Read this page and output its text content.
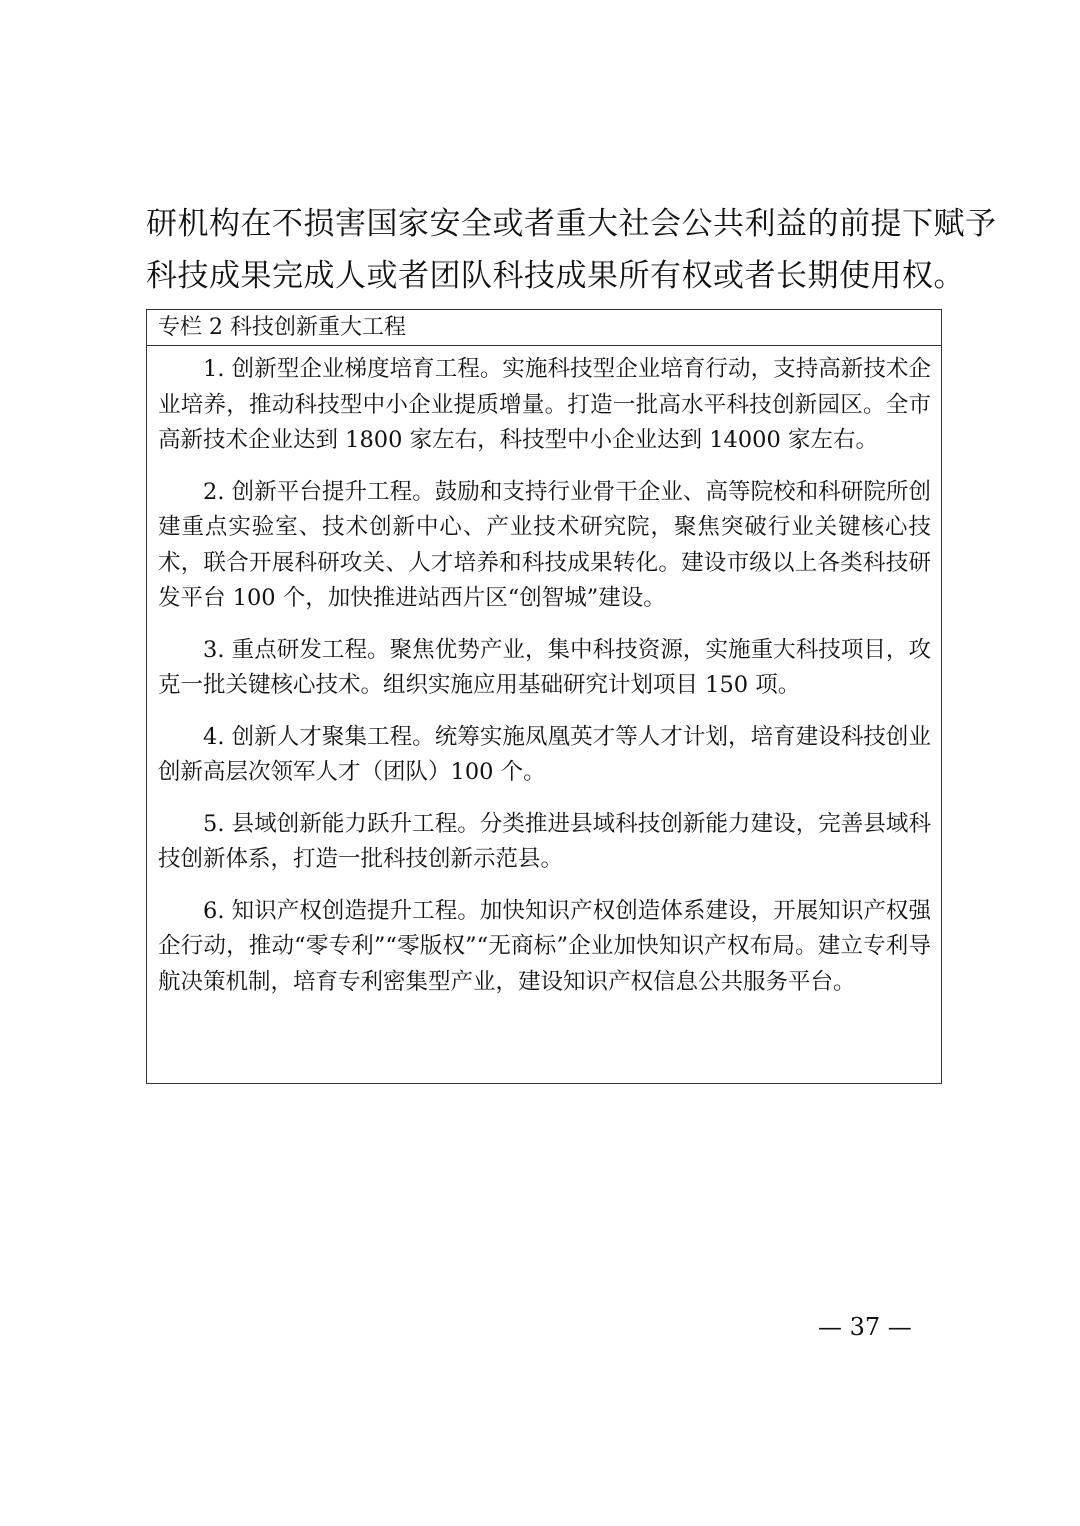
研机构在不损害国家安全或者重大社会公共利益的前提下赋予
科技成果完成人或者团队科技成果所有权或者长期使用权。
专栏 2 科技创新重大工程

1. 创新型企业梯度培育工程。实施科技型企业培育行动，支持高新技术企业培养，推动科技型中小企业提质增量。打造一批高水平科技创新园区。全市高新技术企业达到 1800 家左右，科技型中小企业达到 14000 家左右。

2. 创新平台提升工程。鼓励和支持行业骨干企业、高等院校和科研院所创建重点实验室、技术创新中心、产业技术研究院，聚焦突破行业关键核心技术，联合开展科研攻关、人才培养和科技成果转化。建设市级以上各类科技研发平台 100 个，加快推进站西片区“创智城”建设。

3. 重点研发工程。聚焦优势产业，集中科技资源，实施重大科技项目，攻克一批关键核心技术。组织实施应用基础研究计划项目 150 项。

4. 创新人才聚集工程。统筹实施凤凰英才等人才计划，培育建设科技创业创新高层次领军人才（团队）100 个。

5. 县域创新能力跃升工程。分类推进县域科技创新能力建设，完善县域科技创新体系，打造一批科技创新示范县。

6. 知识产权创造提升工程。加快知识产权创造体系建设，开展知识产权强企行动，推动“零专利”“零版权”“无商标”企业加快知识产权布局。建立专利导航决策机制，培育专利密集型产业，建设知识产权信息公共服务平台。

— 37 —
